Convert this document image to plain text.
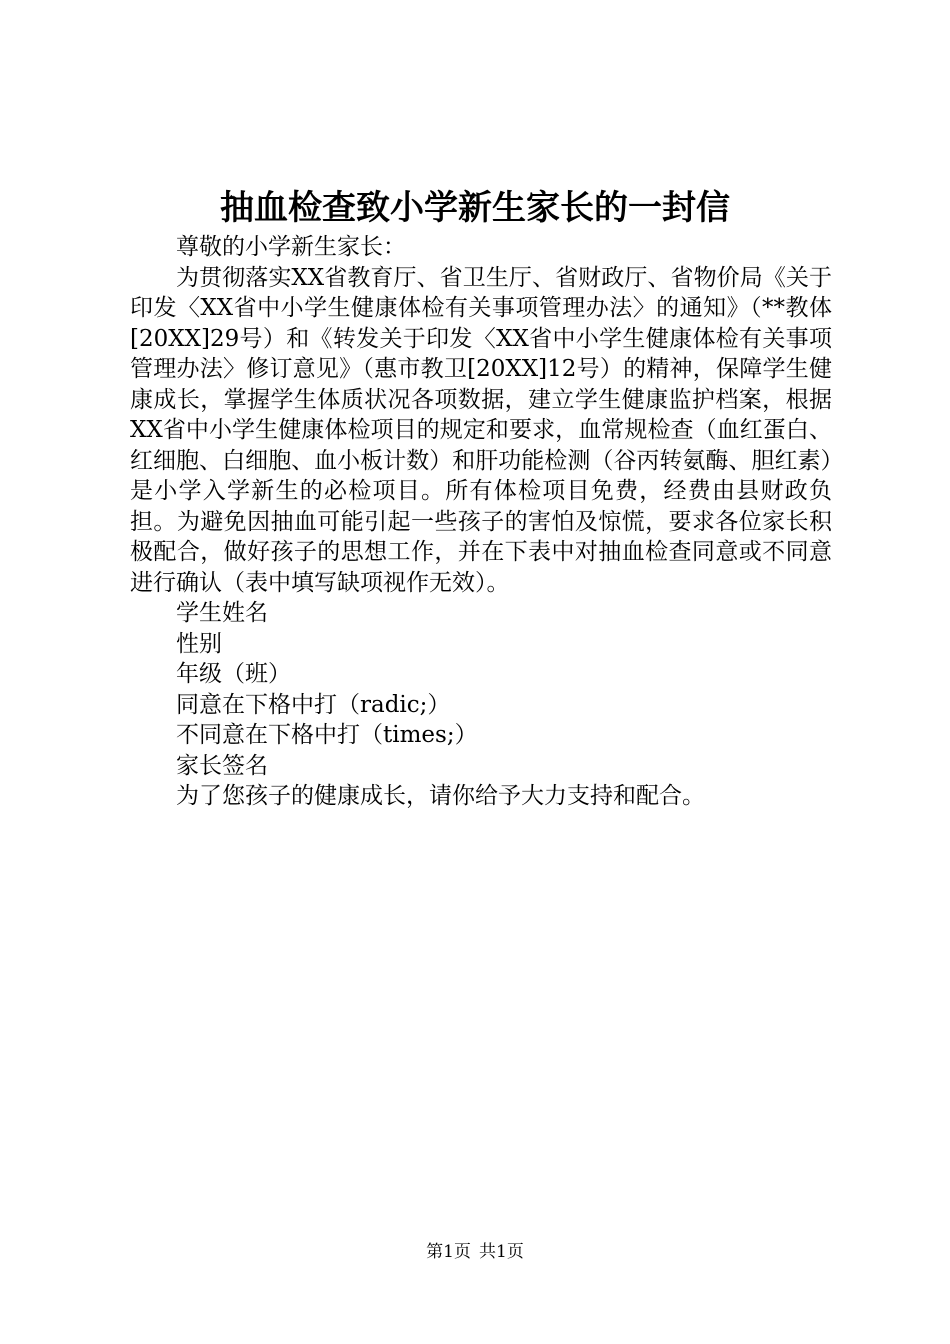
抽血检查致小学新生家长的一封信

尊敬的小学新生家长：

为贯彻落实XX省教育厅、省卫生厅、省财政厅、省物价局《关于印发〈XX省中小学生健康体检有关事项管理办法〉的通知》（**教体[20XX]29号）和《转发关于印发〈XX省中小学生健康体检有关事项管理办法〉修订意见》（惠市教卫[20XX]12号）的精神，保障学生健康成长，掌握学生体质状况各项数据，建立学生健康监护档案，根据XX省中小学生健康体检项目的规定和要求，血常规检查（血红蛋白、红细胞、白细胞、血小板计数）和肝功能检测（谷丙转氨酶、胆红素）是小学入学新生的必检项目。所有体检项目免费，经费由县财政负担。为避免因抽血可能引起一些孩子的害怕及惊慌，要求各位家长积极配合，做好孩子的思想工作，并在下表中对抽血检查同意或不同意进行确认（表中填写缺项视作无效）。

学生姓名

性别

年级（班）

同意在下格中打（radic;）

不同意在下格中打（times;）

家长签名

为了您孩子的健康成长，请你给予大力支持和配合。

第1页 共1页
